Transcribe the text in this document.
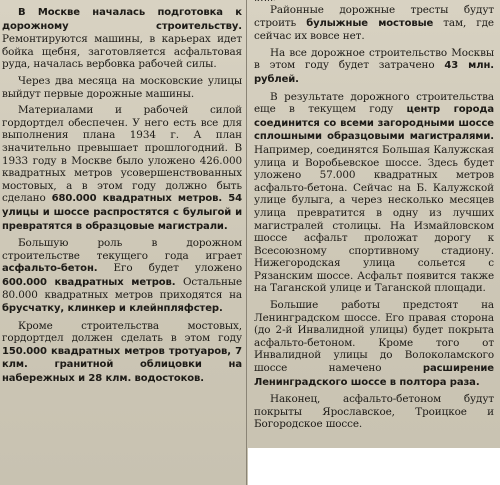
В Москве началась подготовка к дорожному строительству. Ремонтируются машины, в карьерах идет бойка щебня, заготовляется асфальтовая руда, началась вербовка рабочей силы.

Через два месяца на московские улицы выйдут первые дорожные машины.

Материалами и рабочей силой гордортдел обеспечен. У него есть все для выполнения плана 1934 г. А план значительно превышает прошлогодний. В 1933 году в Москве было уложено 426.000 квадратных метров усовершенствованных мостовых, а в этом году должно быть сделано 680.000 квадратных метров. 54 улицы и шоссе распростятся с булыгой и превратятся в образцовые магистрали.

Большую роль в дорожном строительстве текущего года играет асфальто-бетон. Его будет уложено 600.000 квадратных метров. Остальные 80.000 квадратных метров приходятся на брусчатку, клинкер и клейнпляфстер.

Кроме строительства мостовых, гордортдел должен сделать в этом году 150.000 квадратных метров тротуаров, 7 клм. гранитной облицовки на набережных и 28 клм. водостоков.

Районные дорожные тресты будут строить булыжные мостовые там, где сейчас их вовсе нет.

На все дорожное строительство Москвы в этом году будет затрачено 43 млн. рублей.

В результате дорожного строительства еще в текущем году центр города соединится со всеми загородными шоссе сплошными образцовыми магистралями. Например, соединятся Большая Калужская улица и Воробьевское шоссе. Здесь будет уложено 57.000 квадратных метров асфальто-бетона. Сейчас на Б. Калужской улице булыга, а через несколько месяцев улица превратится в одну из лучших магистралей столицы. На Измайловском шоссе асфальт проложат дорогу к Всесоюзному спортивному стадиону. Нижегородская улица сольется с Рязанским шоссе. Асфальт появится также на Таганской улице и Таганской площади.

Большие работы предстоят на Ленинградском шоссе. Его правая сторона (до 2-й Инвалидной улицы) будет покрыта асфальто-бетоном. Кроме того от Инвалидной улицы до Волоколамского шоссе намечено расширение Ленинградского шоссе в полтора раза.

Наконец, асфальто-бетоном будут покрыты Ярославское, Троицкое и Богородское шоссе.
